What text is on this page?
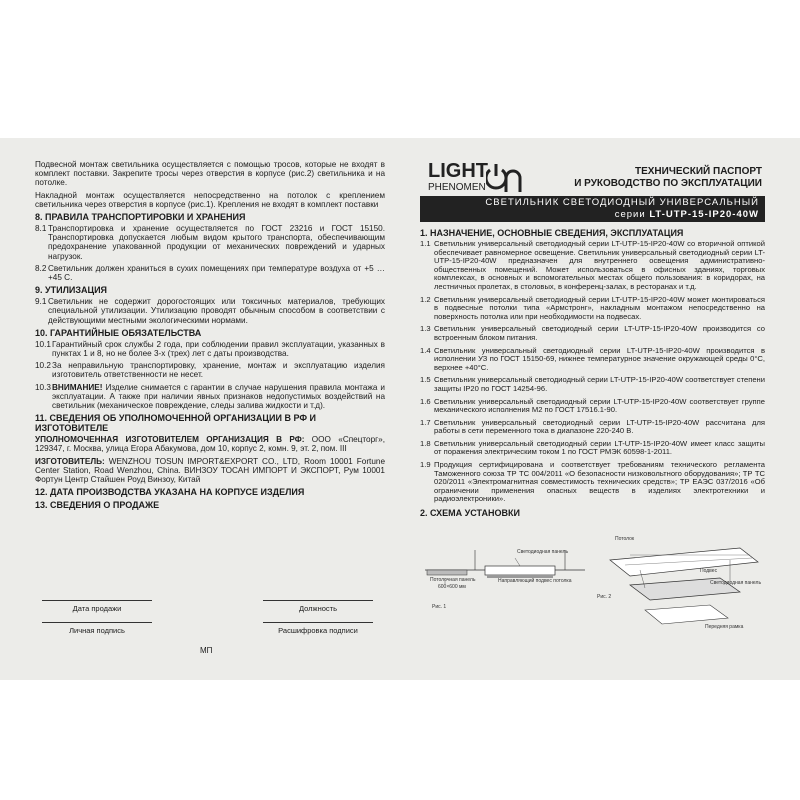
Подвесной монтаж светильника осуществляется с помощью тросов, которые не входят в комплект поставки. Закрепите тросы через отверстия в корпусе (рис.2) светильника и на потолке.

Накладной монтаж осуществляется непосредственно на потолок с креплением светильника через отверстия в корпусе (рис.1). Крепления не входят в комплект поставки

8. ПРАВИЛА ТРАНСПОРТИРОВКИ И ХРАНЕНИЯ
8.1 Транспортировка и хранение осуществляется по ГОСТ 23216 и ГОСТ 15150. Транспортировка допускается любым видом крытого транспорта, обеспечивающим предохранение упакованной продукции от механических повреждений и ударных нагрузок.
8.2 Светильник должен храниться в сухих помещениях при температуре воздуха от +5 … +45 С.
9. УТИЛИЗАЦИЯ
9.1 Светильник не содержит дорогостоящих или токсичных материалов, требующих специальной утилизации. Утилизацию проводят обычным способом в соответствии с действующими местными экологическими нормами.
10. ГАРАНТИЙНЫЕ ОБЯЗАТЕЛЬСТВА
10.1 Гарантийный срок службы 2 года, при соблюдении правил эксплуатации, указанных в пунктах 1 и 8, но не более 3-х (трех) лет с даты производства.
10.2 За неправильную транспортировку, хранение, монтаж и эксплуатацию изделия изготовитель ответственности не несет.
10.3 ВНИМАНИЕ! Изделие снимается с гарантии в случае нарушения правила монтажа и эксплуатации. А также при наличии явных признаков недопустимых воздействий на светильник (механическое повреждение, следы залива жидкости и т.д).
11. СВЕДЕНИЯ ОБ УПОЛНОМОЧЕННОЙ ОРГАНИЗАЦИИ В РФ И ИЗГОТОВИТЕЛЕ

УПОЛНОМОЧЕННАЯ ИЗГОТОВИТЕЛЕМ ОРГАНИЗАЦИЯ В РФ: ООО «Спецторг», 129347, г. Москва, улица Егора Абакумова, дом 10, корпус 2, комн. 9, эт. 2, пом. III

ИЗГОТОВИТЕЛЬ: WENZHOU TOSUN IMPORT&EXPORT CO., LTD, Room 10001 Fortune Center Station, Road Wenzhou, China. ВИНЗОУ ТОСАН ИМПОРТ И ЭКСПОРТ, Рум 10001 Фортун Центр Стайшен Роуд Винзоу, Китай

12. ДАТА ПРОИЗВОДСТВА УКАЗАНА НА КОРПУСЕ ИЗДЕЛИЯ
13. СВЕДЕНИЯ О ПРОДАЖЕ
Дата продажи
Личная подпись
Должность
Расшифровка подписи
МП
LIGHT
PHENOMEN
ТЕХНИЧЕСКИЙ ПАСПОРТ
И РУКОВОДСТВО ПО ЭКСПЛУАТАЦИИ
СВЕТИЛЬНИК СВЕТОДИОДНЫЙ УНИВЕРСАЛЬНЫЙ
серии LT-UTP-15-IP20-40W
1. НАЗНАЧЕНИЕ, ОСНОВНЫЕ СВЕДЕНИЯ, ЭКСПЛУАТАЦИЯ
1.1 Светильник универсальный светодиодный серии LT-UTP-15-IP20-40W со вторичной оптикой обеспечивает равномерное освещение. Светильник универсальный светодиодный серии LT-UTP-15-IP20-40W предназначен для внутреннего освещения административно-общественных помещений. Может использоваться в офисных зданиях, торговых комплексах, в основных и вспомогательных местах общего пользования: в коридорах, на лестничных пролетах, в столовых, в конференц-залах, в ресторанах и т.д.
1.2 Светильник универсальный светодиодный серии LT-UTP-15-IP20-40W может монтироваться в подвесные потолки типа «Армстронг», накладным монтажом непосредственно на поверхность потолка или при необходимости на подвесах.
1.3 Светильник универсальный светодиодный серии LT-UTP-15-IP20-40W производится со встроенным блоком питания.
1.4 Светильник универсальный светодиодный серии LT-UTP-15-IP20-40W производится в исполнении УЗ по ГОСТ 15150-69, нижнее температурное значение окружающей среды 0°С, верхнее +40°С.
1.5 Светильник универсальный светодиодный серии LT-UTP-15-IP20-40W соответствует степени защиты IP20 по ГОСТ 14254-96.
1.6 Светильник универсальный светодиодный серии LT-UTP-15-IP20-40W соответствует группе механического исполнения М2 по ГОСТ 17516.1-90.
1.7 Светильник универсальный светодиодный серии LT-UTP-15-IP20-40W рассчитана для работы в сети переменного тока в диапазоне 220-240 В.
1.8 Светильник универсальный светодиодный серии LT-UTP-15-IP20-40W имеет класс защиты от поражения электрическим током 1 по ГОСТ РМЭК 60598-1-2011.
1.9 Продукция сертифицирована и соответствует требованиям технического регламента Таможенного союза ТР ТС 004/2011 «О безопасности низковольтного оборудования»; ТР ТС 020/2011 «Электромагнитная совместимость технических средств»; ТР ЕАЭС 037/2016 «Об ограничении применения опасных веществ в изделиях электротехники и радиоэлектроники».
2. СХЕМА УСТАНОВКИ
Светодиодная панель
Потолочная панель
600×600 мм
Направляющий подвес потолка
Рис. 1
Потолок
Подвес
Светодиодная панель
Передняя рамка
Рис. 2
